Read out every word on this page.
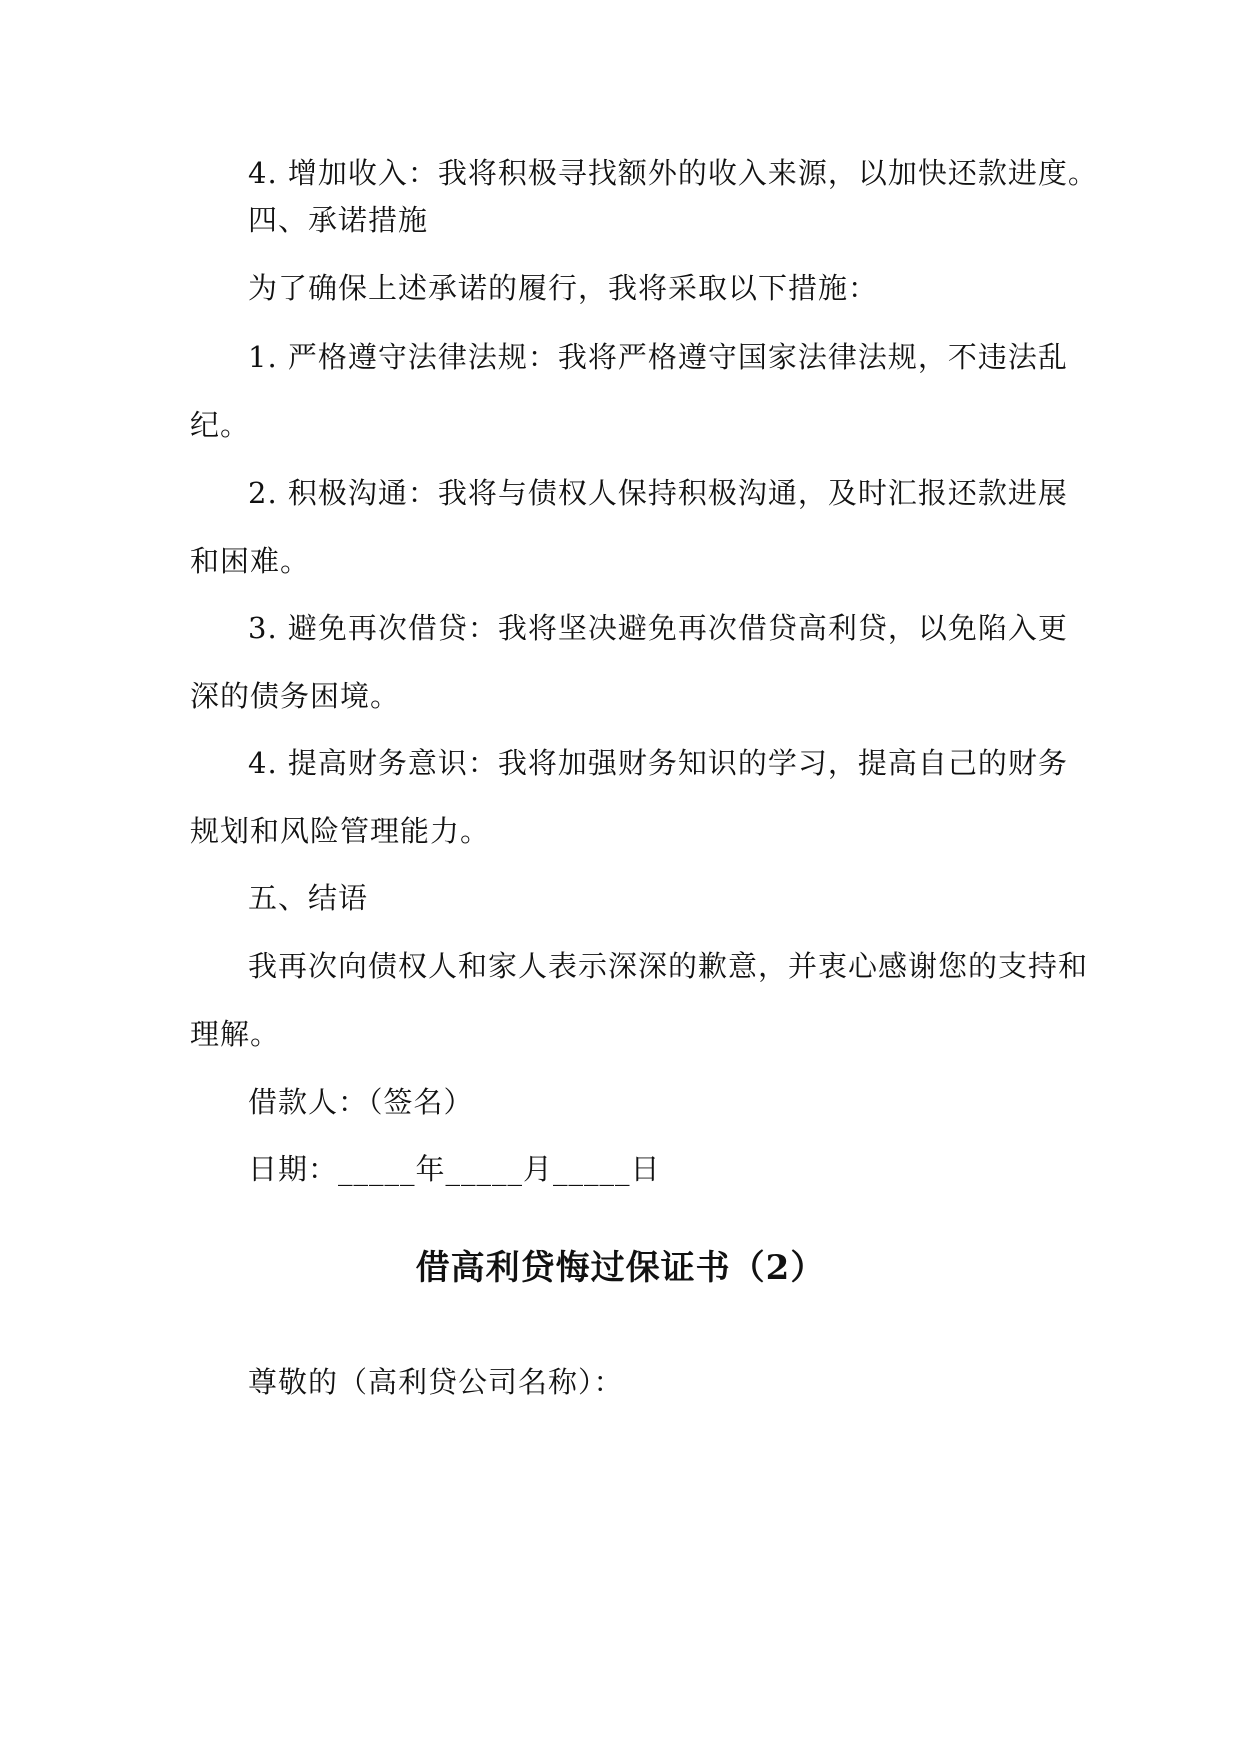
4. 增加收入：我将积极寻找额外的收入来源，以加快还款进度。
四、承诺措施
为了确保上述承诺的履行，我将采取以下措施：
1. 严格遵守法律法规：我将严格遵守国家法律法规，不违法乱
纪。
2. 积极沟通：我将与债权人保持积极沟通，及时汇报还款进展
和困难。
3. 避免再次借贷：我将坚决避免再次借贷高利贷，以免陷入更
深的债务困境。
4. 提高财务意识：我将加强财务知识的学习，提高自己的财务
规划和风险管理能力。
五、结语
我再次向债权人和家人表示深深的歉意，并衷心感谢您的支持和
理解。
借款人：（签名）
日期：_____年_____月_____日
借高利贷悔过保证书（2）
尊敬的（高利贷公司名称）：
